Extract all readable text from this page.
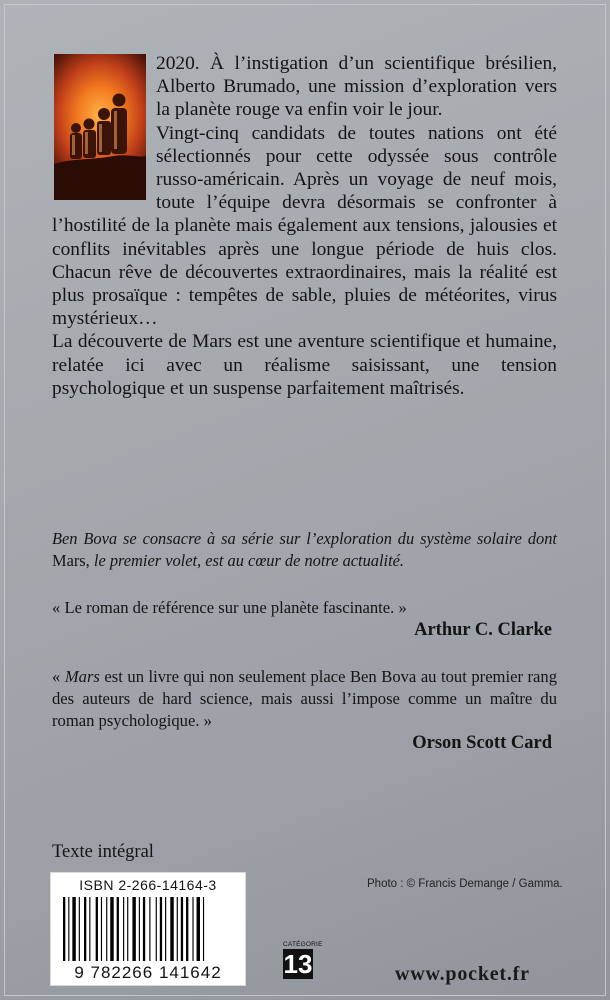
2020. À l’instigation d’un scientifique brésilien, Alberto Brumado, une mission d’exploration vers la planète rouge va enfin voir le jour.

Vingt-cinq candidats de toutes nations ont été sélectionnés pour cette odyssée sous contrôle russo-américain. Après un voyage de neuf mois, toute l’équipe devra désormais se confronter à l’hostilité de la planète mais également aux tensions, jalousies et conflits inévitables après une longue période de huis clos. Chacun rêve de découvertes extraordinaires, mais la réalité est plus prosaïque : tempêtes de sable, pluies de météorites, virus mystérieux…

La découverte de Mars est une aventure scientifique et humaine, relatée ici avec un réalisme saisissant, une tension psychologique et un suspense parfaitement maîtrisés.

Ben Bova se consacre à sa série sur l’exploration du système solaire dont Mars, le premier volet, est au cœur de notre actualité.
« Le roman de référence sur une planète fascinante. »
Arthur C. Clarke
« Mars est un livre qui non seulement place Ben Bova au tout premier rang des auteurs de hard science, mais aussi l’impose comme un maître du roman psychologique. »
Orson Scott Card
Texte intégral
ISBN 2-266-14164-3
9 782266 141642
Photo : © Francis Demange / Gamma.
CATÉGORIE
13	www.pocket.fr
